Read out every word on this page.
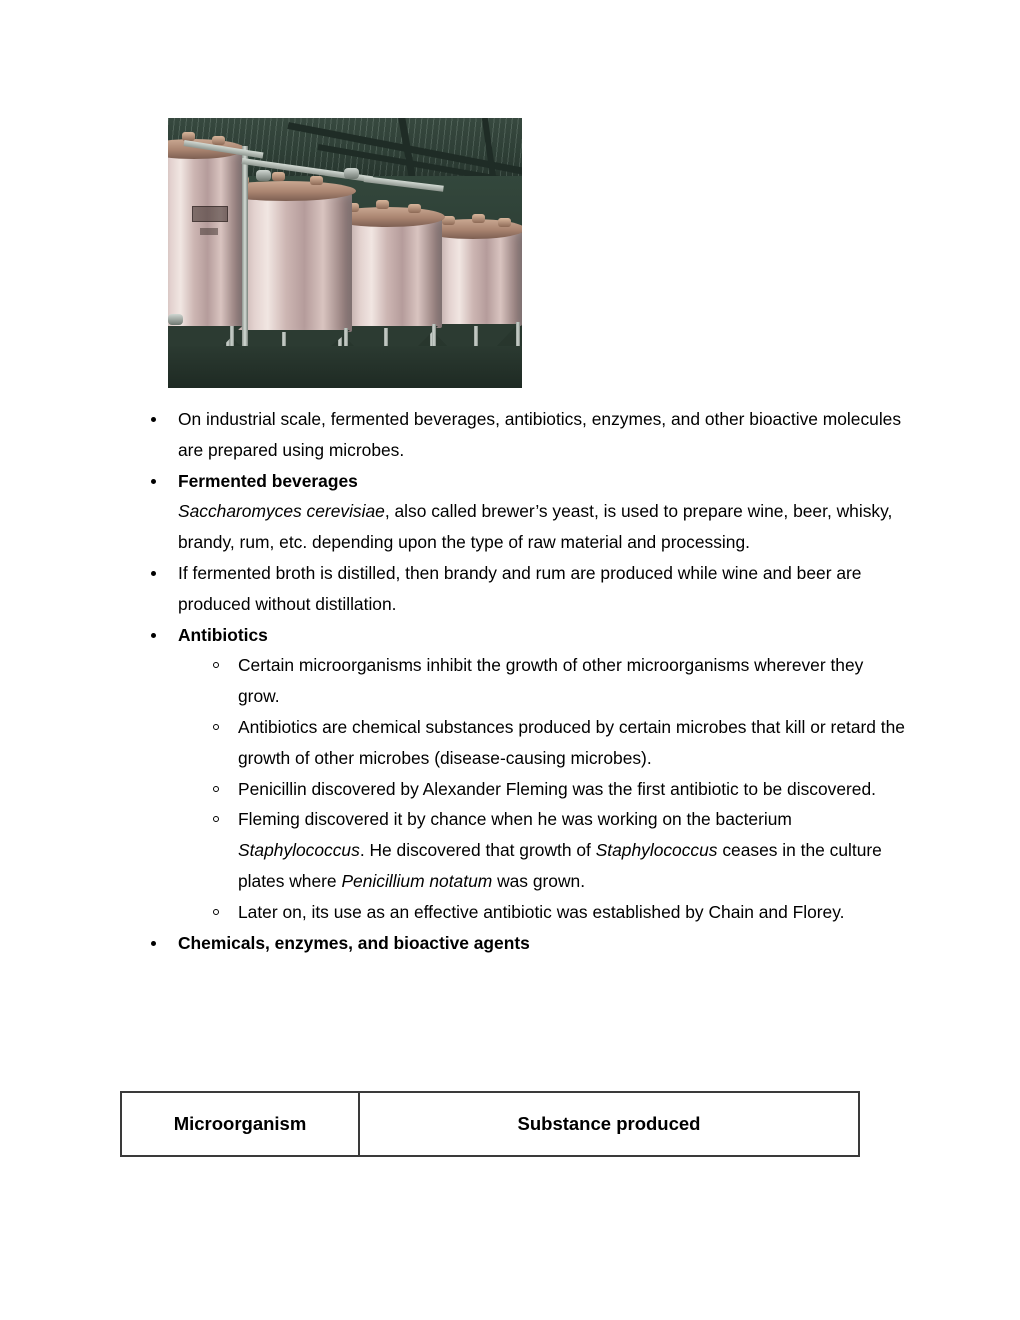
On industrial scale, fermented beverages, antibiotics, enzymes, and other bioactive molecules are prepared using microbes.
Fermented beverages
Saccharomyces cerevisiae, also called brewer’s yeast, is used to prepare wine, beer, whisky, brandy, rum, etc. depending upon the type of raw material and processing.
If fermented broth is distilled, then brandy and rum are produced while wine and beer are produced without distillation.
Antibiotics
Certain microorganisms inhibit the growth of other microorganisms wherever they grow.
Antibiotics are chemical substances produced by certain microbes that kill or retard the growth of other microbes (disease-causing microbes).
Penicillin discovered by Alexander Fleming was the first antibiotic to be discovered.
Fleming discovered it by chance when he was working on the bacterium Staphylococcus. He discovered that growth of Staphylococcus ceases in the culture plates where Penicillium notatum was grown.
Later on, its use as an effective antibiotic was established by Chain and Florey.
Chemicals, enzymes, and bioactive agents
Microorganism	Substance produced
